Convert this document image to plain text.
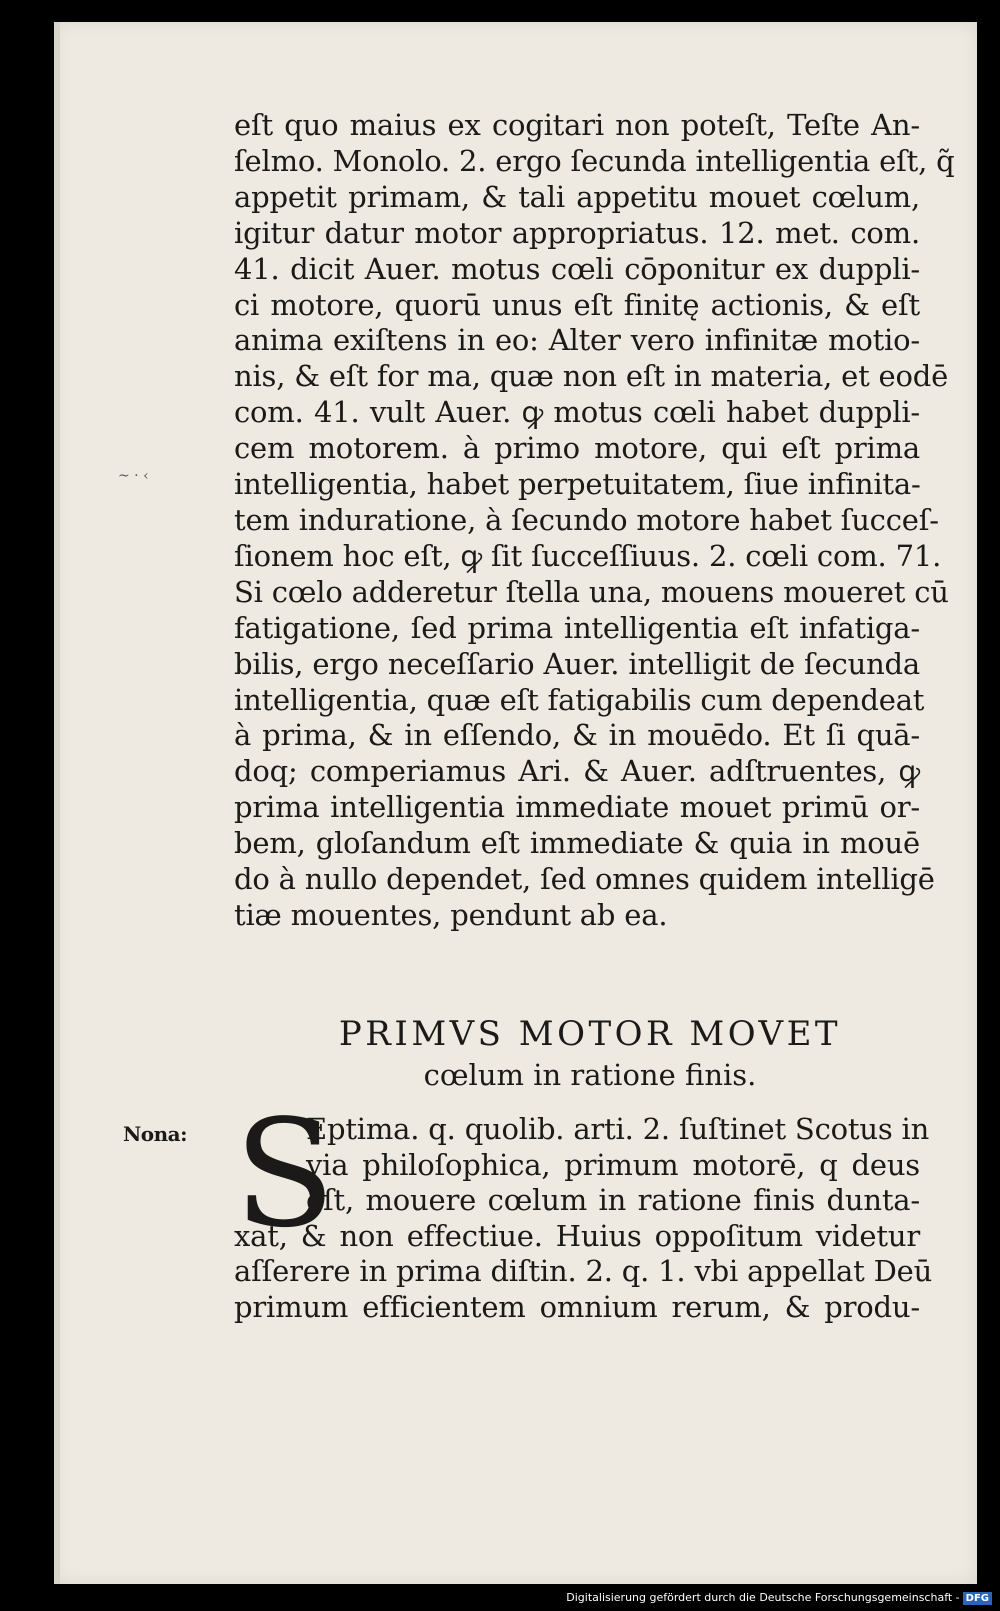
~ · ‹
eſt quo maius ex cogitari non poteſt, Teſte An-
ſelmo. Monolo. 2. ergo ſecunda intelligentia eſt, q̃
appetit primam, & tali appetitu mouet cœlum,
igitur datur motor appropriatus. 12. met. com.
41. dicit Auer. motus cœli cōponitur ex duppli-
ci motore, quorū unus eſt finitę actionis, & eſt
anima exiſtens in eo: Alter vero infinitæ motio-
nis, & eſt for ma, quæ non eſt in materia, et eodē
com. 41. vult Auer. ꝙ motus cœli habet duppli-
cem motorem. à primo motore, qui eſt prima
intelligentia, habet perpetuitatem, ſiue infinita-
tem induratione, à ſecundo motore habet ſucceſ-
ſionem hoc eſt, ꝙ ſit ſucceſſiuus. 2. cœli com. 71.
Si cœlo adderetur ſtella una, mouens moueret cū
fatigatione, ſed prima intelligentia eſt infatiga-
bilis, ergo neceſſario Auer. intelligit de ſecunda
intelligentia, quæ eſt fatigabilis cum dependeat
à prima, & in eſſendo, & in mouēdo. Et ſi quā-
doq; comperiamus Ari. & Auer. adſtruentes, ꝙ
prima intelligentia immediate mouet primū or-
bem, gloſandum eſt immediate & quia in mouē
do à nullo dependet, ſed omnes quidem intelligē
tiæ mouentes, pendunt ab ea.
PRIMVS MOTOR MOVET
cœlum in ratione finis.
Nona: S
Eptima. q. quolib. arti. 2. ſuſtinet Scotus in
via philoſophica, primum motorē, q deus
eſt, mouere cœlum in ratione finis dunta-
xat, & non effectiue. Huius oppoſitum videtur
aſſerere in prima diſtin. 2. q. 1. vbi appellat Deū
primum efficientem omnium rerum, & produ-
Digitalisierung gefördert durch die Deutsche Forschungsgemeinschaft - DFG
